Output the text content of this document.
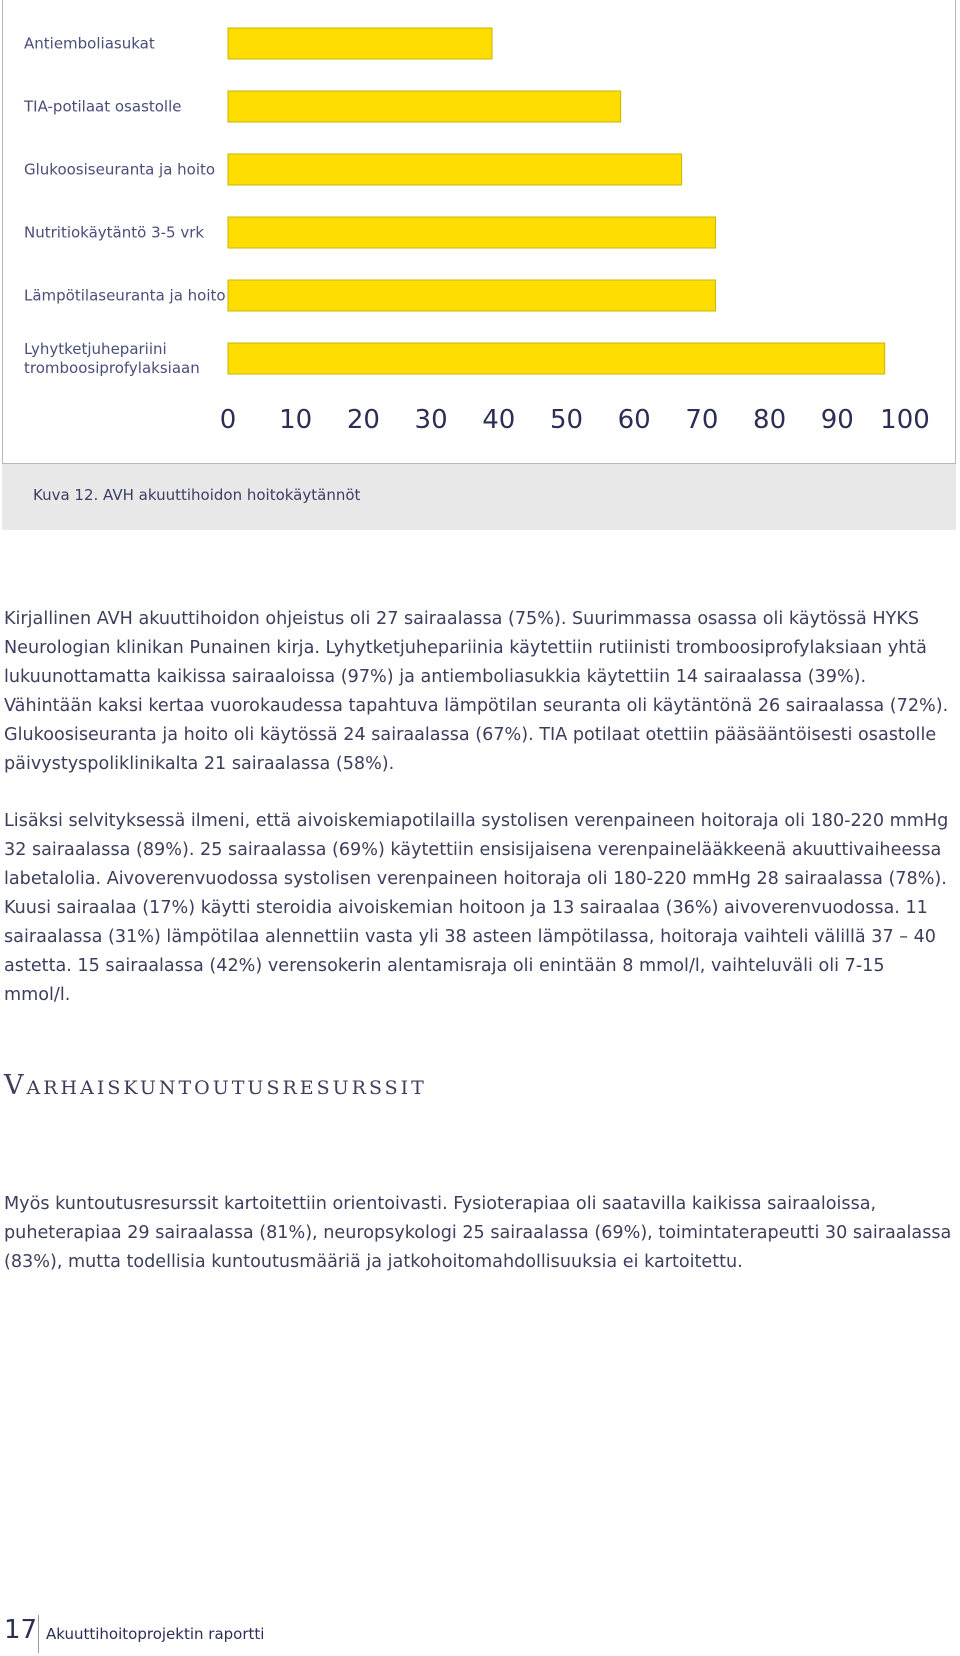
Antiemboliasukat
TIA-potilaat osastolle
Glukoosiseuranta ja hoito
Nutritiokäytäntö 3-5 vrk
Lämpötilaseuranta ja hoito
Lyhytketjuhepariini tromboosiprofylaksiaan
0 10 20 30 40 50 60 70 80 90 100
Kuva 12. AVH akuuttihoidon hoitokäytännöt

Kirjallinen AVH akuuttihoidon ohjeistus oli 27 sairaalassa (75%). Suurimmassa osassa oli käytössä HYKS Neurologian klinikan Punainen kirja. Lyhytketjuhepariinia käytettiin rutiinisti tromboosiprofylaksiaan yhtä lukuunottamatta kaikissa sairaaloissa (97%) ja antiemboliasukkia käytettiin 14 sairaalassa (39%). Vähintään kaksi kertaa vuorokaudessa tapahtuva lämpötilan seuranta oli käytäntönä 26 sairaalassa (72%). Glukoosiseuranta ja hoito oli käytössä 24 sairaalassa (67%). TIA potilaat otettiin pääsääntöisesti osastolle päivystyspoliklinikalta 21 sairaalassa (58%).

Lisäksi selvityksessä ilmeni, että aivoiskemiapotilailla systolisen verenpaineen hoitoraja oli 180-220 mmHg 32 sairaalassa (89%). 25 sairaalassa (69%) käytettiin ensisijaisena verenpainelääkkeenä akuuttivaiheessa labetalolia. Aivoverenvuodossa systolisen verenpaineen hoitoraja oli 180-220 mmHg 28 sairaalassa (78%). Kuusi sairaalaa (17%) käytti steroidia aivoiskemian hoitoon ja 13 sairaalaa (36%) aivoverenvuodossa. 11 sairaalassa (31%) lämpötilaa alennettiin vasta yli 38 asteen lämpötilassa, hoitoraja vaihteli välillä 37 – 40 astetta. 15 sairaalassa (42%) verensokerin alentamisraja oli enintään 8 mmol/l, vaihteluväli oli 7-15 mmol/l.

Varhaiskuntoutusresurssit

Myös kuntoutusresurssit kartoitettiin orientoivasti. Fysioterapiaa oli saatavilla kaikissa sairaaloissa, puheterapiaa 29 sairaalassa (81%), neuropsykologi 25 sairaalassa (69%), toimintaterapeutti 30 sairaalassa (83%), mutta todellisia kuntoutusmääriä ja jatkohoitomahdollisuuksia ei kartoitettu.

17 Akuuttihoitoprojektin raportti
